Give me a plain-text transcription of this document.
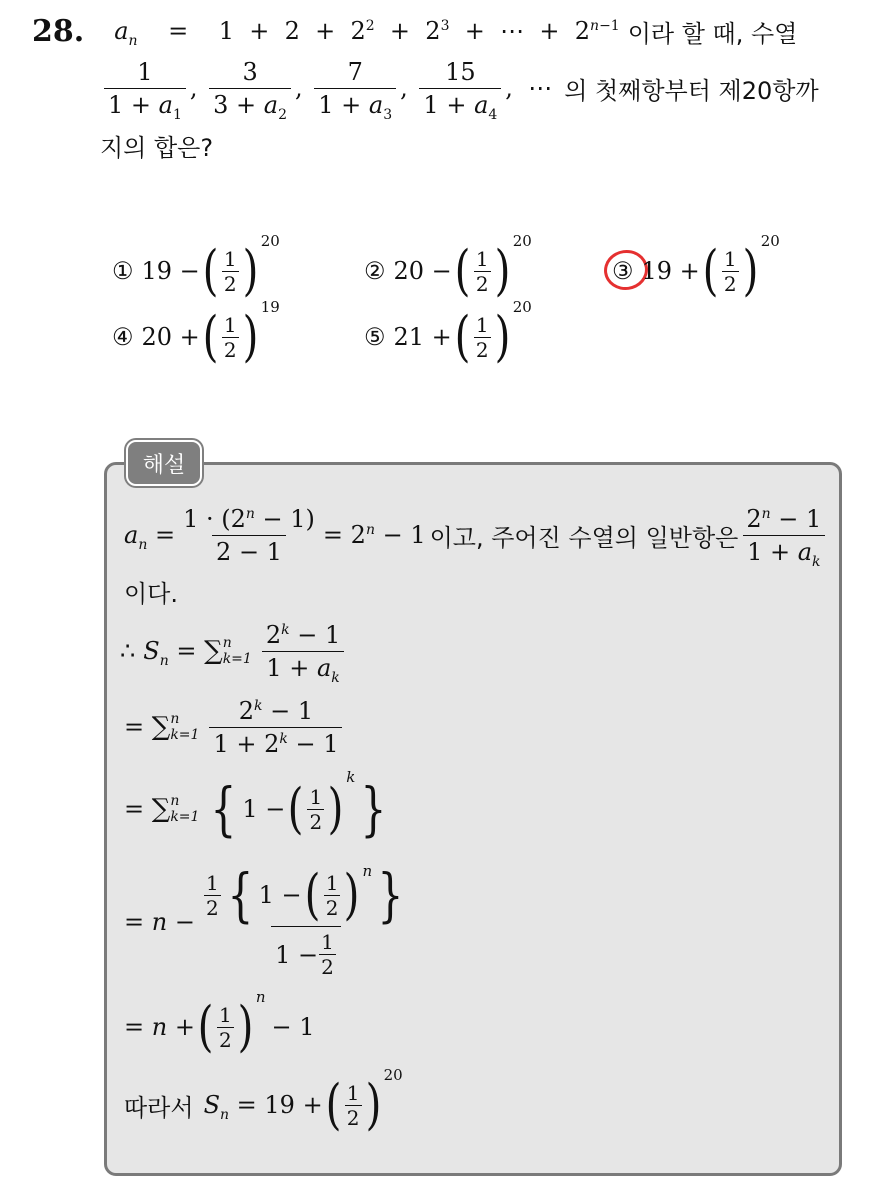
28. $a_n$    =    $1 + 2 + 2^2 + 2^3$  +  ⋯  +  $2^{n-1}$ 이라 할 때, 수열
$\frac{1}{1 + a_1}$ , $\frac{3}{3 + a_2}$ , $\frac{7}{1 + a_3}$ , $\frac{15}{1 + a_4}$ , ⋯ 의 첫째항부터 제20항까
지의 합은?
① 19 − ( $\frac{1}{2}$ ) 20
② 20 − ( $\frac{1}{2}$ ) 20
③ 19 + ( $\frac{1}{2}$ ) 20
④ 20 + ( $\frac{1}{2}$ ) 19
⑤ 21 + ( $\frac{1}{2}$ ) 20
해설
$a_n = \frac{1 \cdot (2^n - 1)}{2 - 1} = 2^n - 1$ 이고, 주어진 수열의 일반항은 $\frac{2^n - 1}{1 + a_k}$
이다.
∴ $S_n$ = ∑ n
$k=1 \frac{2^k - 1}{1 + a_k}$
= ∑ n
$k=1 \frac{2^k - 1}{1 + 2^k - 1}$
= ∑ n
k=1 { 1 − ( $\frac{1}{2}$ ) k }
= $n - \frac{\frac{1}{2} \{ 1 - ( \frac{1}{2} ) n \}}{1 - \frac{1}{2}}$
= n + ( $\frac{1}{2}$ ) n
− 1
따라서 $S_n = 19$ + ( $\frac{1}{2}$ ) 20
